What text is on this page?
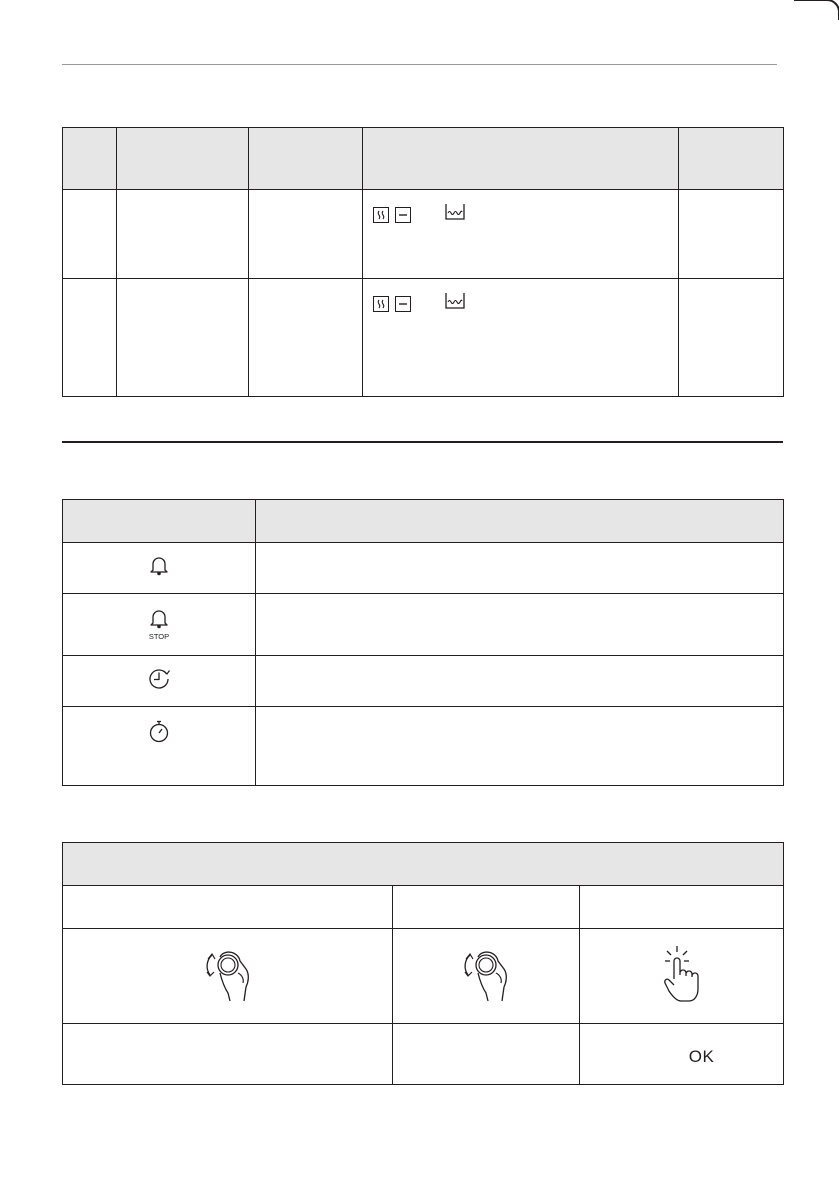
STOP	

		OK
